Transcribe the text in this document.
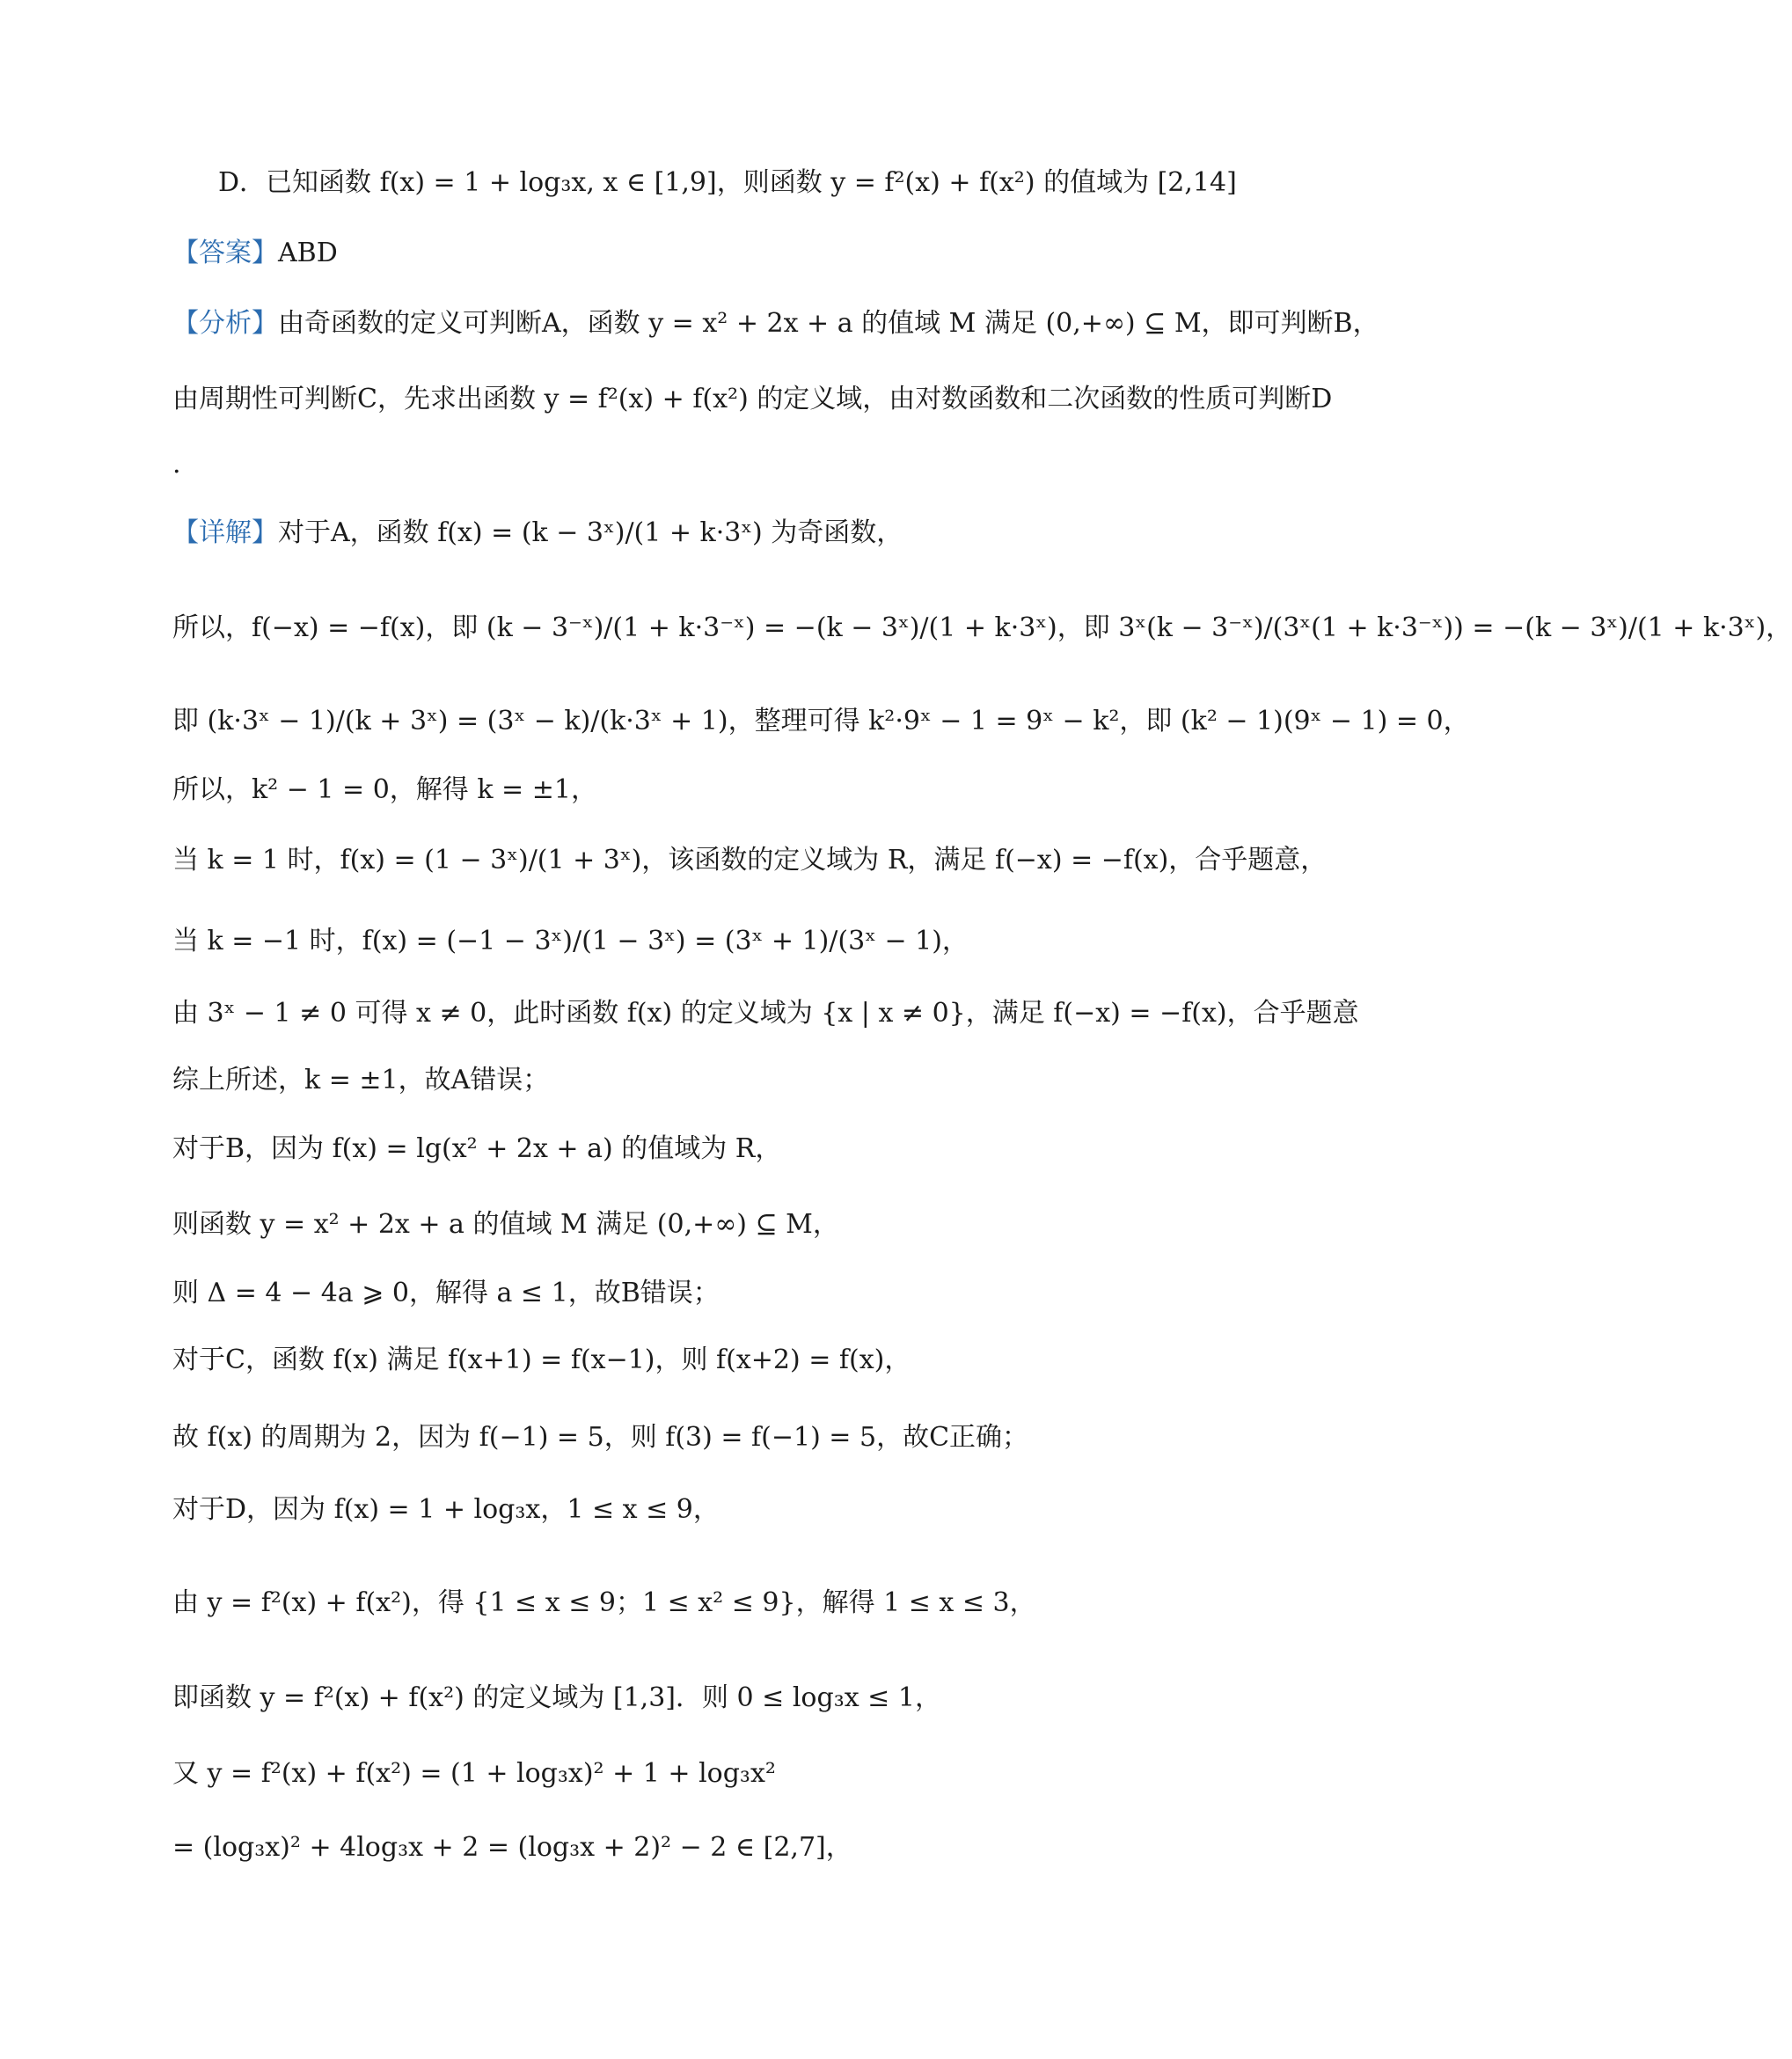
D．已知函数 f(x) = 1 + log₃x, x ∈ [1,9]，则函数 y = f²(x) + f(x²) 的值域为 [2,14]

【答案】ABD

【分析】由奇函数的定义可判断A，函数 y = x² + 2x + a 的值域 M 满足 (0,+∞) ⊆ M，即可判断B，

由周期性可判断C，先求出函数 y = f²(x) + f(x²) 的定义域，由对数函数和二次函数的性质可判断D

.

【详解】对于A，函数 f(x) = (k − 3ˣ)/(1 + k·3ˣ) 为奇函数，

所以，f(−x) = −f(x)，即 (k − 3⁻ˣ)/(1 + k·3⁻ˣ) = −(k − 3ˣ)/(1 + k·3ˣ)，即 3ˣ(k − 3⁻ˣ)/(3ˣ(1 + k·3⁻ˣ)) = −(k − 3ˣ)/(1 + k·3ˣ)，

即 (k·3ˣ − 1)/(k + 3ˣ) = (3ˣ − k)/(k·3ˣ + 1)，整理可得 k²·9ˣ − 1 = 9ˣ − k²，即 (k² − 1)(9ˣ − 1) = 0，

所以，k² − 1 = 0，解得 k = ±1，

当 k = 1 时，f(x) = (1 − 3ˣ)/(1 + 3ˣ)，该函数的定义域为 R，满足 f(−x) = −f(x)，合乎题意，

当 k = −1 时，f(x) = (−1 − 3ˣ)/(1 − 3ˣ) = (3ˣ + 1)/(3ˣ − 1)，

由 3ˣ − 1 ≠ 0 可得 x ≠ 0，此时函数 f(x) 的定义域为 {x | x ≠ 0}，满足 f(−x) = −f(x)，合乎题意

综上所述，k = ±1，故A错误；

对于B，因为 f(x) = lg(x² + 2x + a) 的值域为 R，

则函数 y = x² + 2x + a 的值域 M 满足 (0,+∞) ⊆ M，

则 Δ = 4 − 4a ⩾ 0，解得 a ≤ 1，故B错误；

对于C，函数 f(x) 满足 f(x+1) = f(x−1)，则 f(x+2) = f(x)，

故 f(x) 的周期为 2，因为 f(−1) = 5，则 f(3) = f(−1) = 5，故C正确；

对于D，因为 f(x) = 1 + log₃x，1 ≤ x ≤ 9，

由 y = f²(x) + f(x²)，得 {1 ≤ x ≤ 9；1 ≤ x² ≤ 9}，解得 1 ≤ x ≤ 3，

即函数 y = f²(x) + f(x²) 的定义域为 [1,3]．则 0 ≤ log₃x ≤ 1，

又 y = f²(x) + f(x²) = (1 + log₃x)² + 1 + log₃x²

= (log₃x)² + 4log₃x + 2 = (log₃x + 2)² − 2 ∈ [2,7]，
